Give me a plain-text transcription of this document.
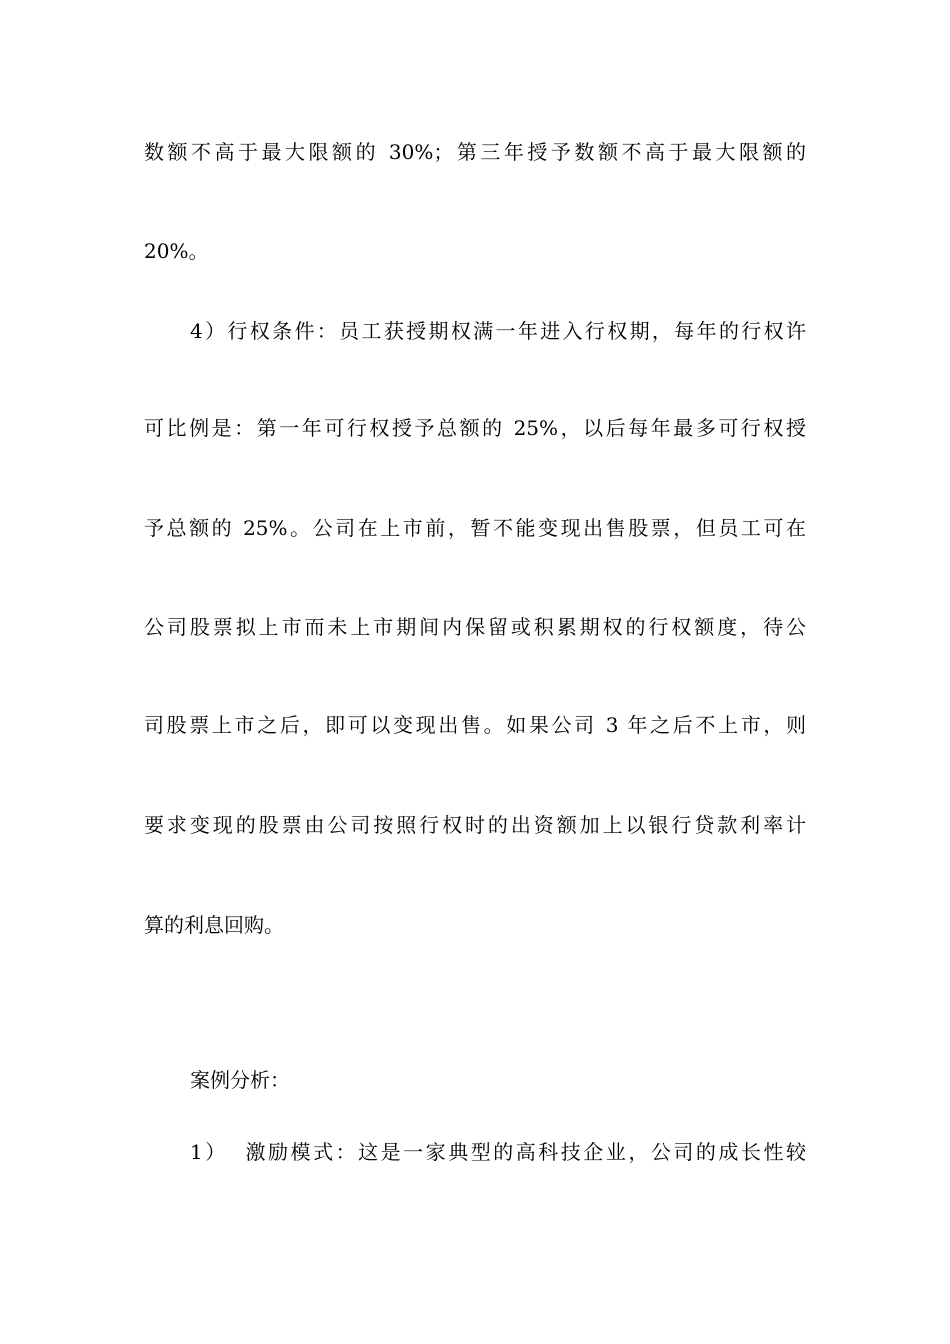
数额不高于最大限额的 30%；第三年授予数额不高于最大限额的
20%。
4）行权条件：员工获授期权满一年进入行权期，每年的行权许
可比例是：第一年可行权授予总额的 25%，以后每年最多可行权授
予总额的 25%。公司在上市前，暂不能变现出售股票，但员工可在
公司股票拟上市而未上市期间内保留或积累期权的行权额度，待公
司股票上市之后，即可以变现出售。如果公司 3 年之后不上市，则
要求变现的股票由公司按照行权时的出资额加上以银行贷款利率计
算的利息回购。
案例分析：
1）  激励模式：这是一家典型的高科技企业，公司的成长性较
